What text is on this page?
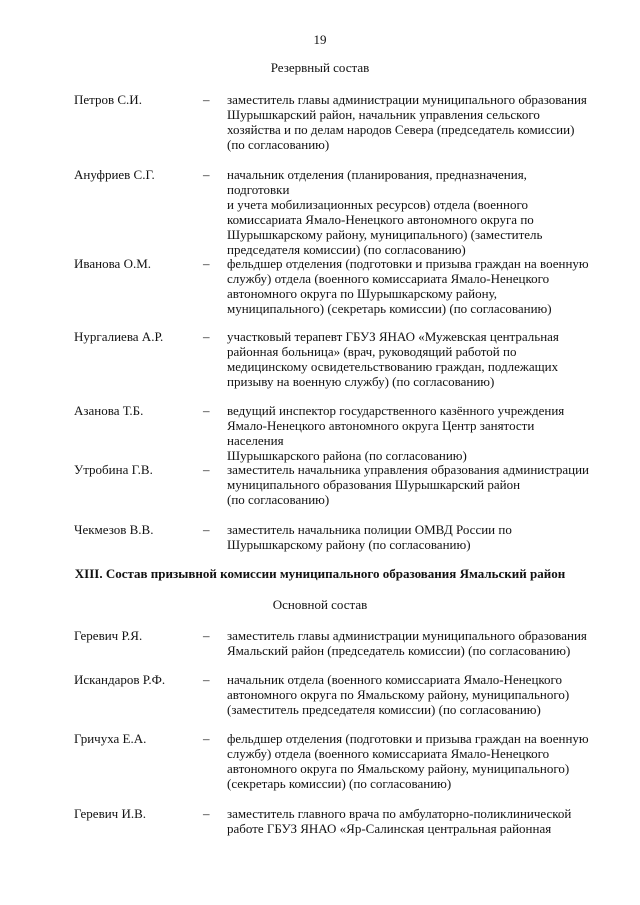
19
Резервный состав
Петров С.И.	– заместитель главы администрации муниципального образования
Шурышкарский район, начальник управления сельского
хозяйства и по делам народов Севера (председатель комиссии)
(по согласованию)
Ануфриев С.Г.	– начальник отделения (планирования, предназначения, подготовки
и учета мобилизационных ресурсов) отдела (военного
комиссариата Ямало-Ненецкого автономного округа по
Шурышкарскому району, муниципального) (заместитель
председателя комиссии) (по согласованию)
Иванова О.М.	– фельдшер отделения (подготовки и призыва граждан на военную
службу) отдела (военного комиссариата Ямало-Ненецкого
автономного округа по Шурышкарскому району,
муниципального) (секретарь комиссии) (по согласованию)
Нургалиева А.Р.	– участковый терапевт ГБУЗ ЯНАО «Мужевская центральная
районная больница» (врач, руководящий работой по
медицинскому освидетельствованию граждан, подлежащих
призыву на военную службу) (по согласованию)
Азанова Т.Б.	– ведущий инспектор государственного казённого учреждения
Ямало-Ненецкого автономного округа Центр занятости населения
Шурышкарского района (по согласованию)
Утробина Г.В.	– заместитель начальника управления образования администрации
муниципального образования Шурышкарский район
(по согласованию)
Чекмезов В.В.	– заместитель начальника полиции ОМВД России по
Шурышкарскому району (по согласованию)
XIII. Состав призывной комиссии муниципального образования Ямальский район
Основной состав
Геревич Р.Я.	– заместитель главы администрации муниципального образования
Ямальский район (председатель комиссии) (по согласованию)
Искандаров Р.Ф.	– начальник отдела (военного комиссариата Ямало-Ненецкого
автономного округа по Ямальскому району, муниципального)
(заместитель председателя комиссии) (по согласованию)
Гричуха Е.А.	– фельдшер отделения (подготовки и призыва граждан на военную
службу) отдела (военного комиссариата Ямало-Ненецкого
автономного округа по Ямальскому району, муниципального)
(секретарь комиссии) (по согласованию)
Геревич И.В.	– заместитель главного врача по амбулаторно-поликлинической
работе ГБУЗ ЯНАО «Яр-Салинская центральная районная
